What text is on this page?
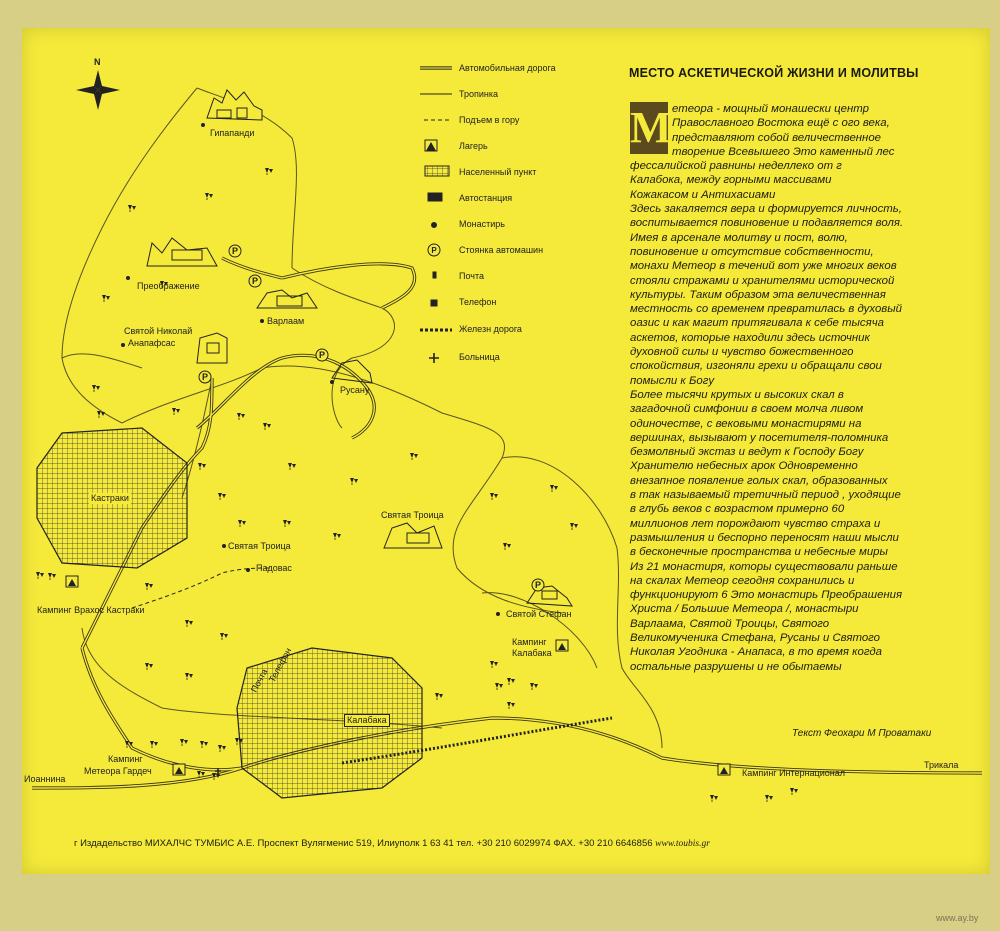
P
P
P
P
P
P
Почта
Телефон
N
Автомобильная дорога
Тропинка
Подъем в гору
Лагерь
Населенный пункт
Автостанция
Монастирь
Стоянка автомашин
Почта
Телефон
Железн дорога
Больница
Гипапанди
Преображение
Варлаам
Святой Николай
Анапафсас
Русану
Кастраки
Святая Троица
Падовас
Святая Троица
Святой Стефан
Кампинг Врахос Кастраки
Кампинг
Калабака
Калабака
Кампинг
Метеора Гардеч
Иоаннина
Трикала
Кампинг Интернационал
МЕСТО АСКЕТИЧЕСКОЙ ЖИЗНИ И МОЛИТВЫ
M етеора - мощный монашески центр

Православного Востока ещё с ого века,

представляют собой величественное

творение Всевышего Это каменный лес

фессалийской равнины неделлеко от г

Калабока, между горными массивами

Кожакасом и Антихасиами

Здесь закаляется вера и формируется личность,

воспитывается повиновение и подавляется воля.

Имея в арсенале молитву и пост, волю,

повиновение и отсутствие собственности,

монахи Метеор в течений вот уже многих веков

стояли стражами и хранителями исторической

культуры. Таким образом эта величественная

местность со временем превратилась в духовый

оазис и как магит притягивала к себе тысяча

аскетов, которые находили здесь источник

духовной силы и чувство божественного

спокойствия, изгоняли грехи и обращали свои

помысли к Богу

Более тысячи крутых и высоких скал в

загадочной симфонии в своем молча ливом

одиночестве, с вековыми монастирями на

вершинах, вызывают у посетителя-поломника

безмолвный экстаз и ведут к Господу Богу

Хранителю небесных арок Одновременно

внезапное появление голых скал, образованных

в так называемый третичный период , уходящие

в глубь веков с возрастом примерно 60

миллионов лет порождают чувство страха и

размышления и беспорно переносят наши мысли

в бесконечные пространства и небесные миры

Из 21 монастиря, которы существовали раньше

на скалах Метеор сегодня сохранились и

функционируют 6 Это монастирь Преобрашения

Христа / Большие Метеора /, монастыри

Варлаама, Святой Троицы, Святого

Великомученика Стефана, Русаны и Святого

Николая Угодника - Анапаса, в то время когда

остальные разрушены и не обытаемы

Текст Феохари М Проватаки
г Издадельство МИХАЛЧС ТУМБИС А.Е. Проспект Вулягменис 519, Илиуполк 1 63 41 тел. +30 210 6029974 ФАХ. +30 210 6646856 www.toubis.gr
www.ay.by
